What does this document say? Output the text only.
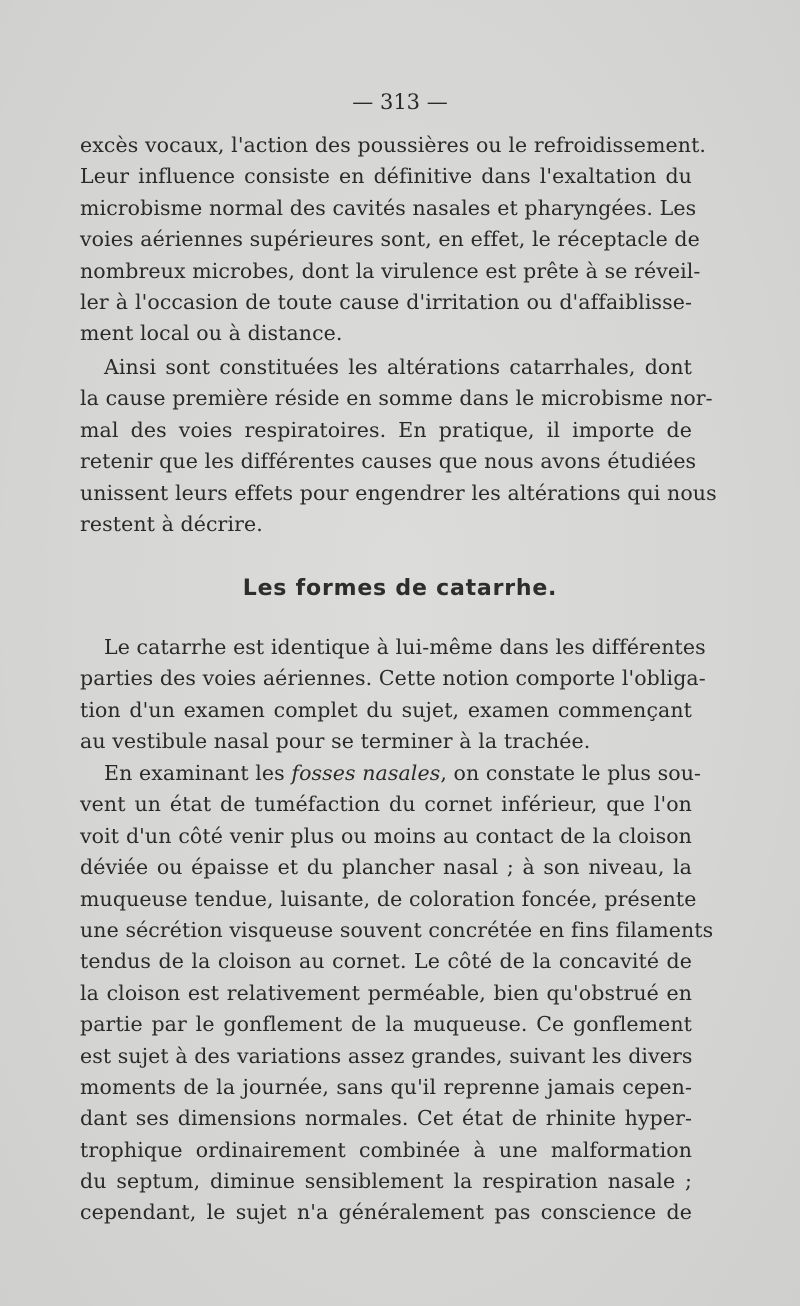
— 313 —
excès vocaux, l'action des poussières ou le refroidissement.
Leur influence consiste en définitive dans l'exaltation du
microbisme normal des cavités nasales et pharyngées. Les
voies aériennes supérieures sont, en effet, le réceptacle de
nombreux microbes, dont la virulence est prête à se réveil-
ler à l'occasion de toute cause d'irritation ou d'affaiblisse-
ment local ou à distance.
Ainsi sont constituées les altérations catarrhales, dont
la cause première réside en somme dans le microbisme nor-
mal des voies respiratoires. En pratique, il importe de
retenir que les différentes causes que nous avons étudiées
unissent leurs effets pour engendrer les altérations qui nous
restent à décrire.
Les formes de catarrhe.
Le catarrhe est identique à lui-même dans les différentes
parties des voies aériennes. Cette notion comporte l'obliga-
tion d'un examen complet du sujet, examen commençant
au vestibule nasal pour se terminer à la trachée.
En examinant les fosses nasales, on constate le plus sou-
vent un état de tuméfaction du cornet inférieur, que l'on
voit d'un côté venir plus ou moins au contact de la cloison
déviée ou épaisse et du plancher nasal ; à son niveau, la
muqueuse tendue, luisante, de coloration foncée, présente
une sécrétion visqueuse souvent concrétée en fins filaments
tendus de la cloison au cornet. Le côté de la concavité de
la cloison est relativement perméable, bien qu'obstrué en
partie par le gonflement de la muqueuse. Ce gonflement
est sujet à des variations assez grandes, suivant les divers
moments de la journée, sans qu'il reprenne jamais cepen-
dant ses dimensions normales. Cet état de rhinite hyper-
trophique ordinairement combinée à une malformation
du septum, diminue sensiblement la respiration nasale ;
cependant, le sujet n'a généralement pas conscience de
